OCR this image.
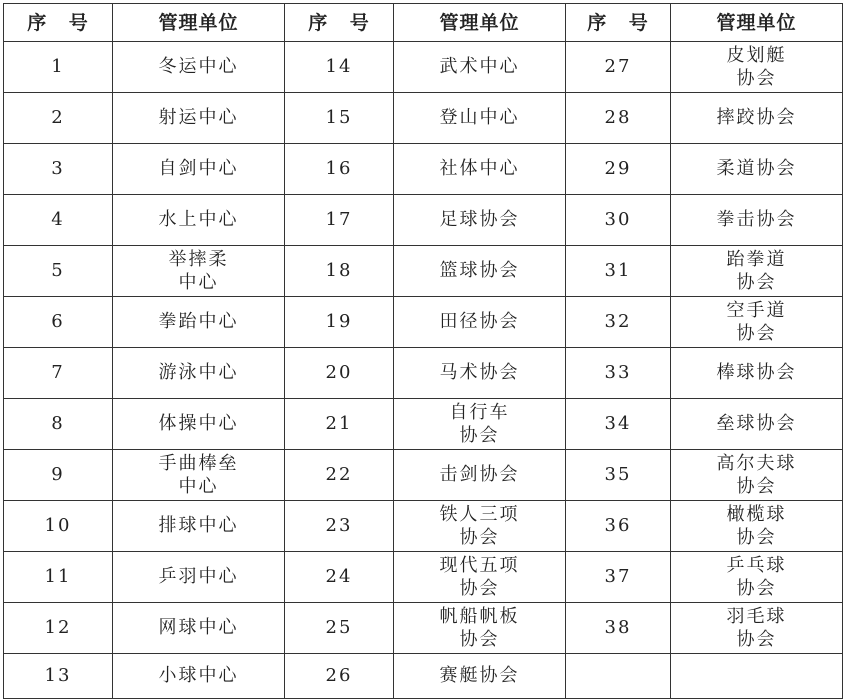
序 号	管理单位	序 号	管理单位	序 号	管理单位
1	冬运中心	14	武术中心	27	皮划艇协会
2	射运中心	15	登山中心	28	摔跤协会
3	自剑中心	16	社体中心	29	柔道协会
4	水上中心	17	足球协会	30	拳击协会
5	举摔柔中心	18	篮球协会	31	跆拳道协会
6	拳跆中心	19	田径协会	32	空手道协会
7	游泳中心	20	马术协会	33	棒球协会
8	体操中心	21	自行车协会	34	垒球协会
9	手曲棒垒中心	22	击剑协会	35	高尔夫球协会
10	排球中心	23	铁人三项协会	36	橄榄球协会
11	乒羽中心	24	现代五项协会	37	乒乓球协会
12	网球中心	25	帆船帆板协会	38	羽毛球协会
13	小球中心	26	赛艇协会		
